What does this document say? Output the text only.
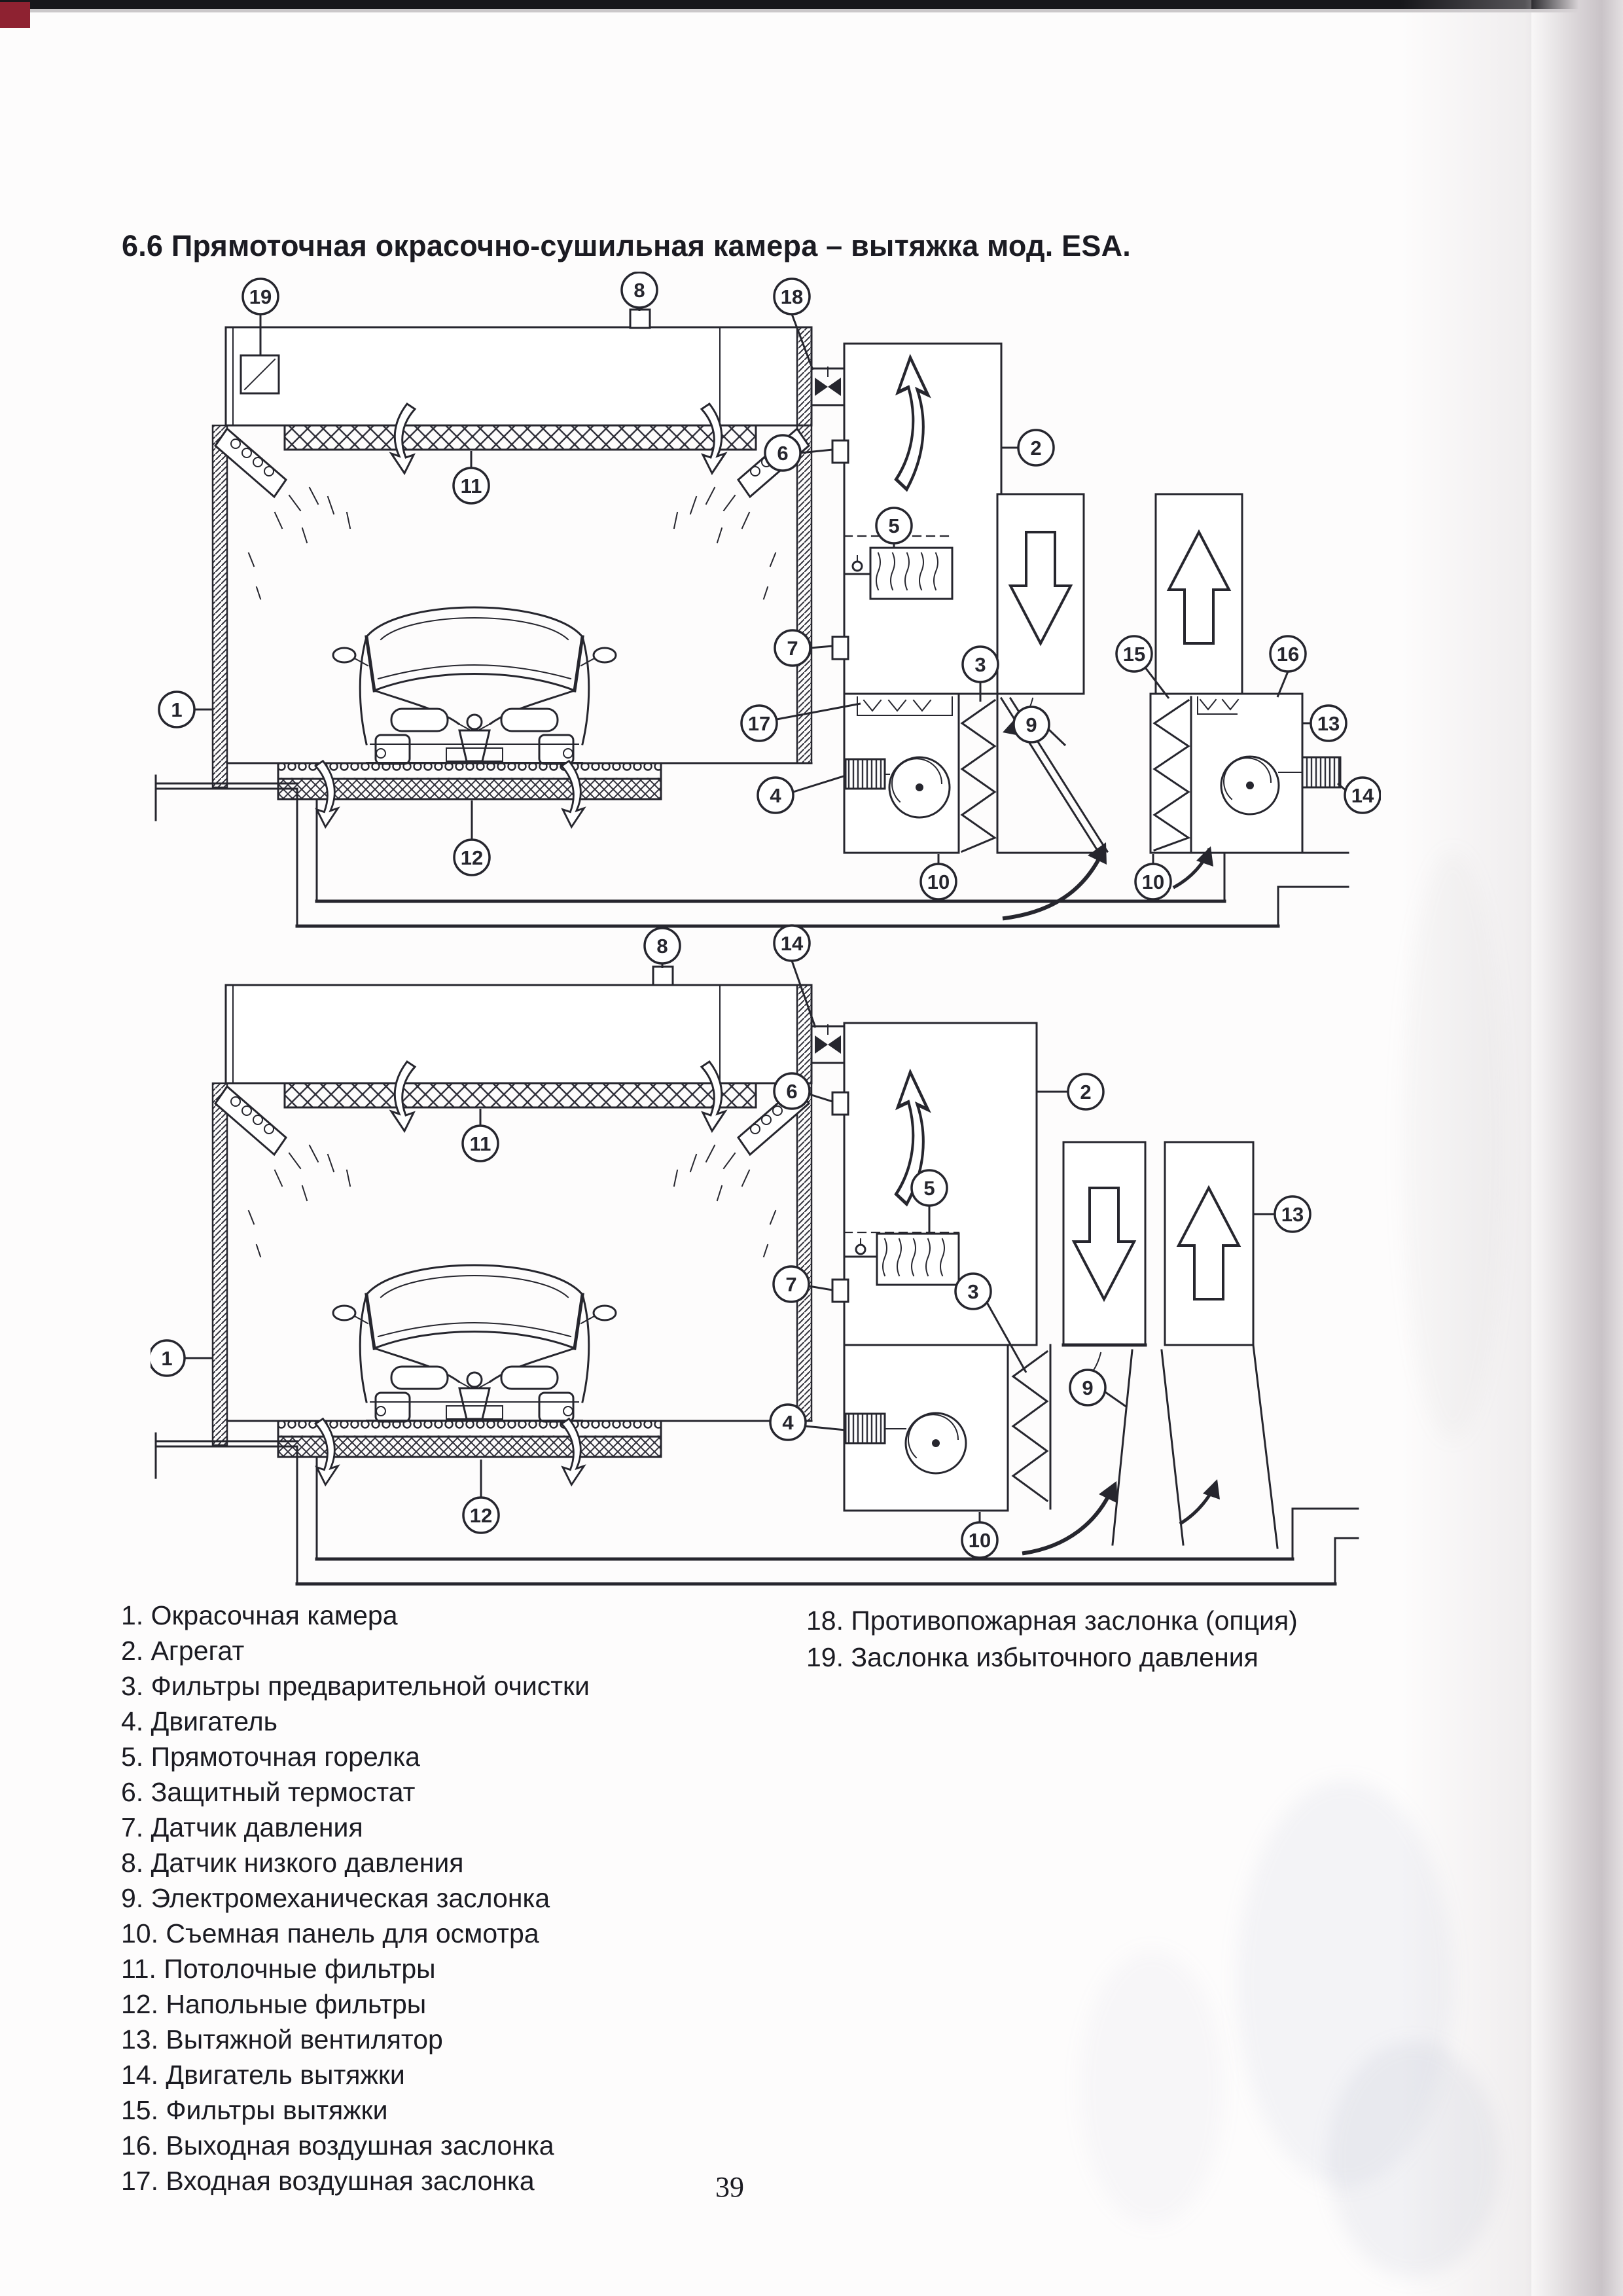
6.6 Прямоточная окрасочно-сушильная камера – вытяжка мод. ESA.
19	8	18
11
1
12
6	2
5
7
17
3
9
15	16
13
4	14
10	10
8	14
11
1
12
6	2
5
7	3
13
9
4
10
1. Окрасочная камера
2. Агрегат
3. Фильтры предварительной очистки
4. Двигатель
5. Прямоточная горелка
6. Защитный термостат
7. Датчик давления
8. Датчик низкого давления
9. Электромеханическая заслонка
10. Съемная панель для осмотра
11. Потолочные фильтры
12. Напольные фильтры
13. Вытяжной вентилятор
14. Двигатель вытяжки
15. Фильтры вытяжки
16. Выходная воздушная заслонка
17. Входная воздушная заслонка
18. Противопожарная заслонка (опция)
19. Заслонка избыточного давления
39
